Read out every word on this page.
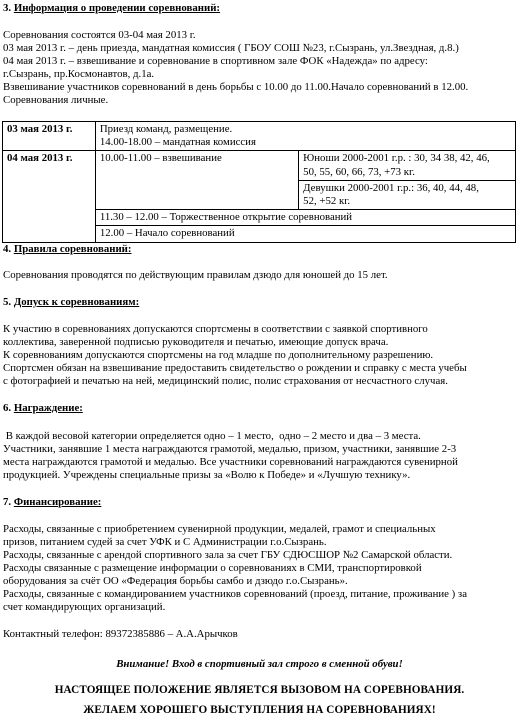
3. Информация о проведении соревнований:
Соревнования состоятся 03-04 мая 2013 г.
03 мая 2013 г. – день приезда, мандатная комиссия ( ГБОУ СОШ №23, г.Сызрань, ул.Звездная, д.8.)
04 мая 2013 г. – взвешивание и соревнование в спортивном зале ФОК «Надежда» по адресу:
г.Сызрань, пр.Космонавтов, д.1а.
Взвешивание участников соревнований в день борьбы с 10.00 до 11.00.Начало соревнований в 12.00.
Соревнования личные.
03 мая 2013 г.	Приезд команд, размещение.
14.00-18.00 – мандатная комиссия	

04 мая 2013 г.	10.00-11.00 – взвешивание	Юноши 2000-2001 г.р. : 30, 34 38, 42, 46,
50, 55, 60, 66, 73, +73 кг.

		Девушки 2000-2001 г.р.: 36, 40, 44, 48,
52, +52 кг.

	11.30 – 12.00 – Торжественное открытие соревнований	
	12.00 – Начало соревнований	
4. Правила соревнований:
Соревнования проводятся по действующим правилам дзюдо для юношей до 15 лет.
5. Допуск к соревнованиям:
К участию в соревнованиях допускаются спортсмены в соответствии с заявкой спортивного
коллектива, заверенной подписью руководителя и печатью, имеющие допуск врача.
К соревнованиям допускаются спортсмены на год младше по дополнительному разрешению.
Спортсмен обязан на взвешивание предоставить свидетельство о рождении и справку с места учебы
с фотографией и печатью на ней, медицинский полис, полис страхования от несчастного случая.
6. Награждение:
В каждой весовой категории определяется одно – 1 место,  одно – 2 место и два – 3 места.
Участники, занявшие 1 места награждаются грамотой, медалью, призом, участники, занявшие 2-3
места награждаются грамотой и медалью. Все участники соревнований награждаются сувенирной
продукцией. Учреждены специальные призы за «Волю к Победе» и «Лучшую технику».
7. Финансирование:
Расходы, связанные с приобретением сувенирной продукции, медалей, грамот и специальных
призов, питанием судей за счет УФК и С Администрации г.о.Сызрань.
Расходы, связанные с арендой спортивного зала за счет ГБУ СДЮСШОР №2 Самарской области.
Расходы связанные с размещение информации о соревнованиях в СМИ, транспортировкой
оборудования за счёт ОО «Федерация борьбы самбо и дзюдо г.о.Сызрань».
Расходы, связанные с командированием участников соревнований (проезд, питание, проживание ) за
счет командирующих организаций.
Контактный телефон: 89372385886 – А.А.Арычков
Внимание! Вход в спортивный зал строго в сменной обуви!
НАСТОЯЩЕЕ ПОЛОЖЕНИЕ ЯВЛЯЕТСЯ ВЫЗОВОМ НА СОРЕВНОВАНИЯ.
ЖЕЛАЕМ ХОРОШЕГО ВЫСТУПЛЕНИЯ НА СОРЕВНОВАНИЯХ!
